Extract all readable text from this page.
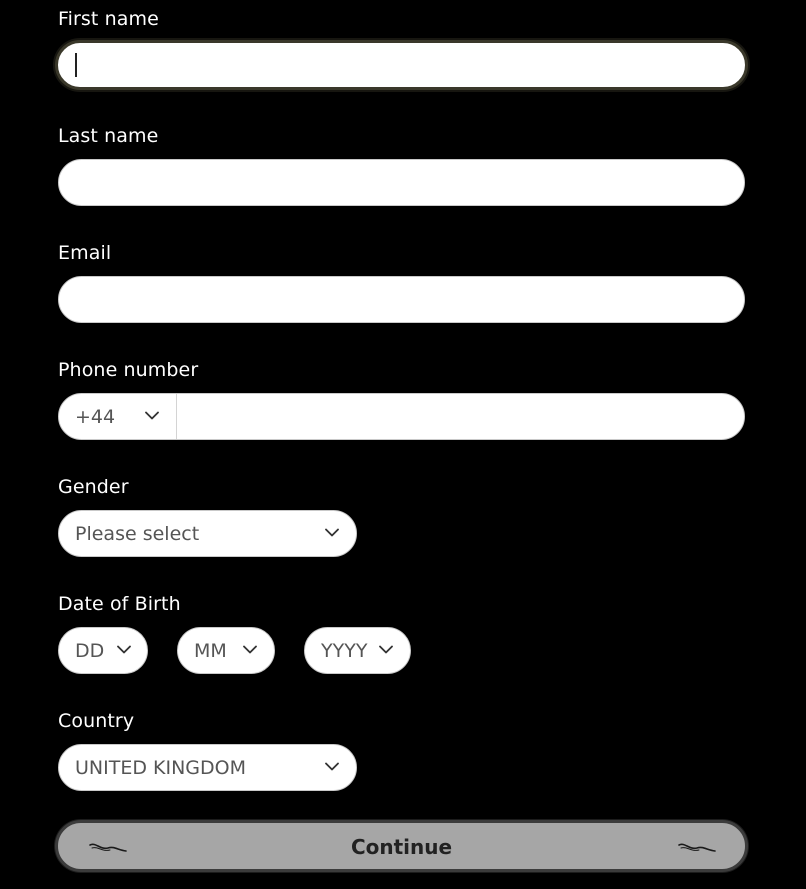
First name
Last name
Email
Phone number
+44
Gender
Please select
Date of Birth
DD	MM	YYYY
Country
UNITED KINGDOM
Continue
